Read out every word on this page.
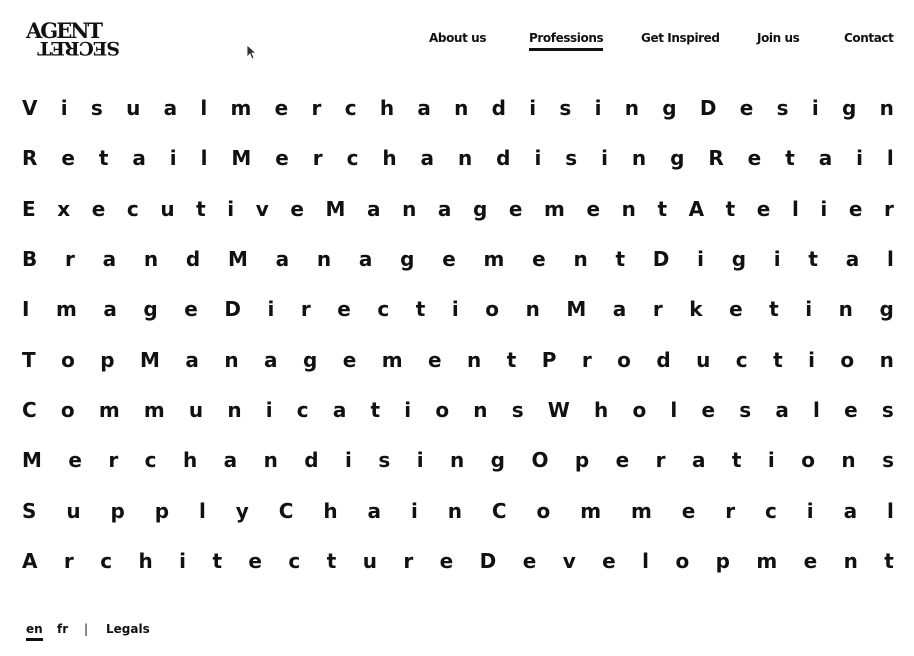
AGENT
SECRET	About us	Professions	Get Inspired	Join us	Contact
V i s u a l m e r c h a n d i s i n g D e s i g n
R e t a i l M e r c h a n d i s i n g R e t a i l
E x e c u t i v e M a n a g e m e n t A t e l i e r
B r a n d M a n a g e m e n t D i g i t a l
I m a g e D i r e c t i o n M a r k e t i n g
T o p M a n a g e m e n t P r o d u c t i o n
C o m m u n i c a t i o n s W h o l e s a l e s
M e r c h a n d i s i n g O p e r a t i o n s
S u p p l y C h a i n C o m m e r c i a l
A r c h i t e c t u r e D e v e l o p m e n t
en fr | Legals
